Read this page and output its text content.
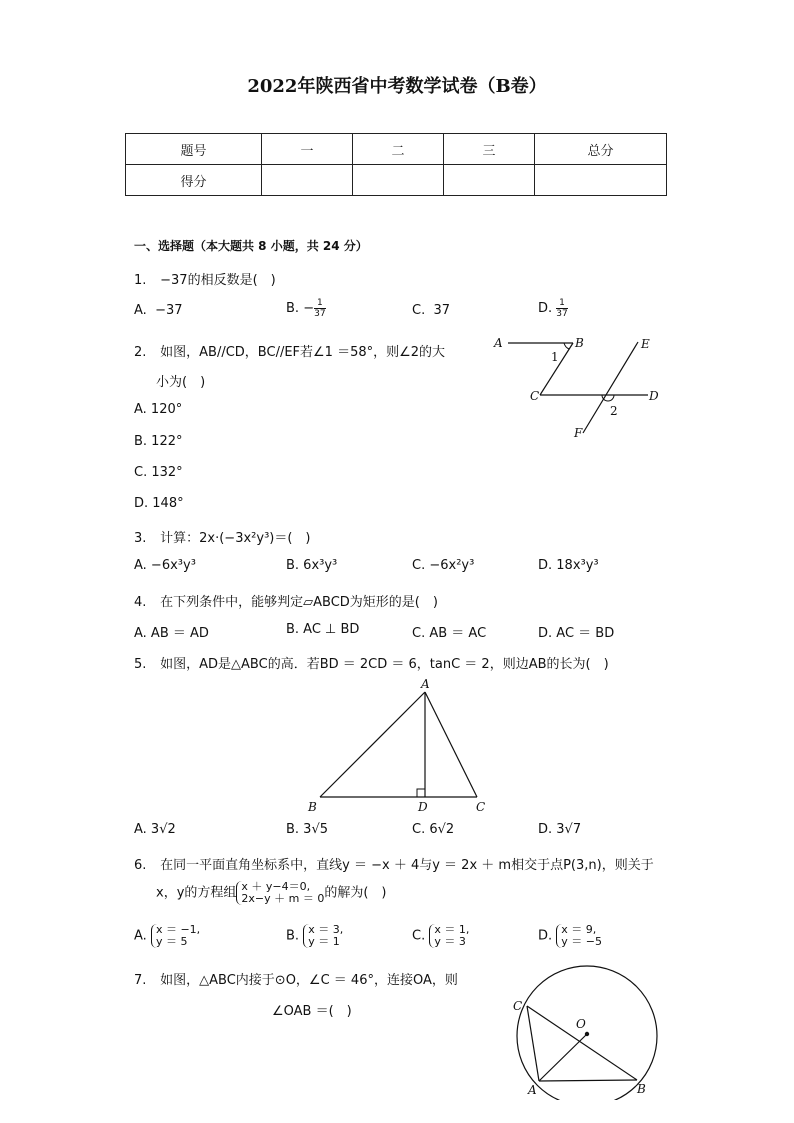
2022年陕西省中考数学试卷（B卷）
题号	一	二	三	总分
得分				
一、选择题（本大题共 8 小题，共 24 分）
1. −37的相反数是(　)
A. −37	B. − $\frac{1}{37}$	C. 37	D. $\frac{1}{37}$
2. 如图，AB//CD，BC//EF若∠1 ＝58°，则∠2的大
小为(　)
A. 120°
B. 122°
C. 132°
D. 148°
A	B	E
1
C	D
2
F
3. 计算：2x·(−3x²y³)＝(　)
A. −6x³y³	B. 6x³y³	C. −6x²y³	D. 18x³y³
4. 在下列条件中，能够判定▱ABCD为矩形的是(　)
A. AB ＝ AD	B. AC ⊥ BD	C. AB ＝ AC	D. AC ＝ BD
5. 如图，AD是△ABC的高．若BD ＝ 2CD ＝ 6，tanC ＝ 2，则边AB的长为(　)
A
B	D	C
A. 3√2	B. 3√5	C. 6√2	D. 3√7
6. 在同一平面直角坐标系中，直线y ＝ −x ＋ 4与y ＝ 2x ＋ m相交于点P(3,n)，则关于
x，y的方程组 x ＋ y−4＝0,
2x−y ＋ m ＝ 0 的解为(　)
A. x ＝ −1,
y ＝ 5	B. x ＝ 3,
y ＝ 1	C. x ＝ 1,
y ＝ 3	D. x ＝ 9,
y ＝ −5
7. 如图，△ABC内接于⊙O，∠C ＝ 46°，连接OA，则
∠OAB ＝(　)	C
O
A	B
